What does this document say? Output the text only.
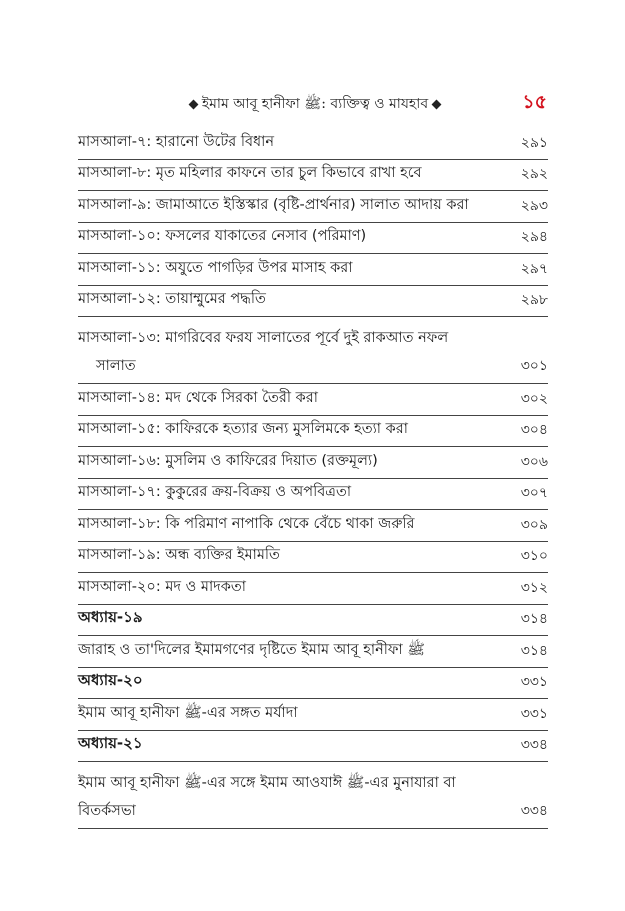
ইমাম আবূ হানীফা ﷺ: ব্যক্তিত্ব ও মাযহাব	১৫
মাসআলা-৭: হারানো উটের বিধান	২৯১
মাসআলা-৮: মৃত মহিলার কাফনে তার চুল কিভাবে রাখা হবে	২৯২
মাসআলা-৯: জামাআতে ইস্তিস্কার (বৃষ্টি-প্রার্থনার) সালাত আদায় করা	২৯৩
মাসআলা-১০: ফসলের যাকাতের নেসাব (পরিমাণ)	২৯৪
মাসআলা-১১: অযুতে পাগড়ির উপর মাসাহ করা	২৯৭
মাসআলা-১২: তায়াম্মুমের পদ্ধতি	২৯৮
মাসআলা-১৩: মাগরিবের ফরয সালাতের পূর্বে দুই রাকআত নফল
সালাত	৩০১
মাসআলা-১৪: মদ থেকে সিরকা তৈরী করা	৩০২
মাসআলা-১৫: কাফিরকে হত্যার জন্য মুসলিমকে হত্যা করা	৩০৪
মাসআলা-১৬: মুসলিম ও কাফিরের দিয়াত (রক্তমূল্য)	৩০৬
মাসআলা-১৭: কুকুরের ক্রয়-বিক্রয় ও অপবিত্রতা	৩০৭
মাসআলা-১৮: কি পরিমাণ নাপাকি থেকে বেঁচে থাকা জরুরি	৩০৯
মাসআলা-১৯: অন্ধ ব্যক্তির ইমামতি	৩১০
মাসআলা-২০: মদ ও মাদকতা	৩১২
অধ্যায়-১৯	৩১৪
জারাহ ও তা'দিলের ইমামগণের দৃষ্টিতে ইমাম আবূ হানীফা ﷺ	৩১৪
অধ্যায়-২০	৩৩১
ইমাম আবূ হানীফা ﷺ-এর সঙ্গত মর্যাদা	৩৩১
অধ্যায়-২১	৩৩৪
ইমাম আবূ হানীফা ﷺ-এর সঙ্গে ইমাম আওযাঈ ﷺ-এর মুনাযারা বা
বিতর্কসভা	৩৩৪
